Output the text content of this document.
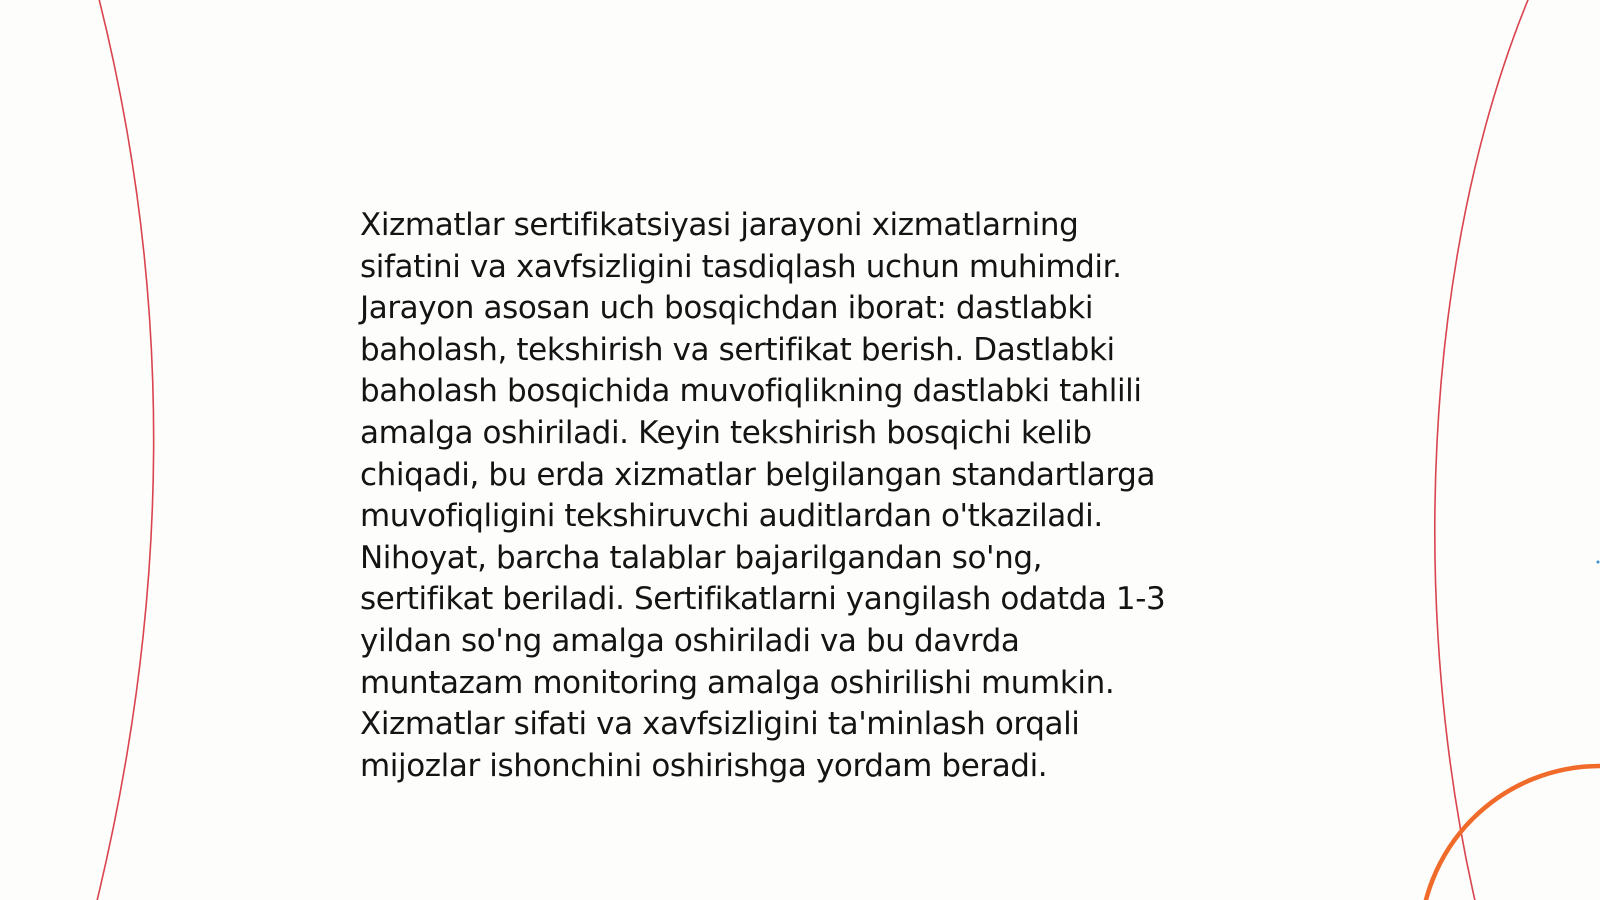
Xizmatlar sertifikatsiyasi jarayoni xizmatlarning
sifatini va xavfsizligini tasdiqlash uchun muhimdir.
Jarayon asosan uch bosqichdan iborat: dastlabki
baholash, tekshirish va sertifikat berish. Dastlabki
baholash bosqichida muvofiqlikning dastlabki tahlili
amalga oshiriladi. Keyin tekshirish bosqichi kelib
chiqadi, bu erda xizmatlar belgilangan standartlarga
muvofiqligini tekshiruvchi auditlardan o'tkaziladi.
Nihoyat, barcha talablar bajarilgandan so'ng,
sertifikat beriladi. Sertifikatlarni yangilash odatda 1-3
yildan so'ng amalga oshiriladi va bu davrda
muntazam monitoring amalga oshirilishi mumkin.
Xizmatlar sifati va xavfsizligini ta'minlash orqali
mijozlar ishonchini oshirishga yordam beradi.
